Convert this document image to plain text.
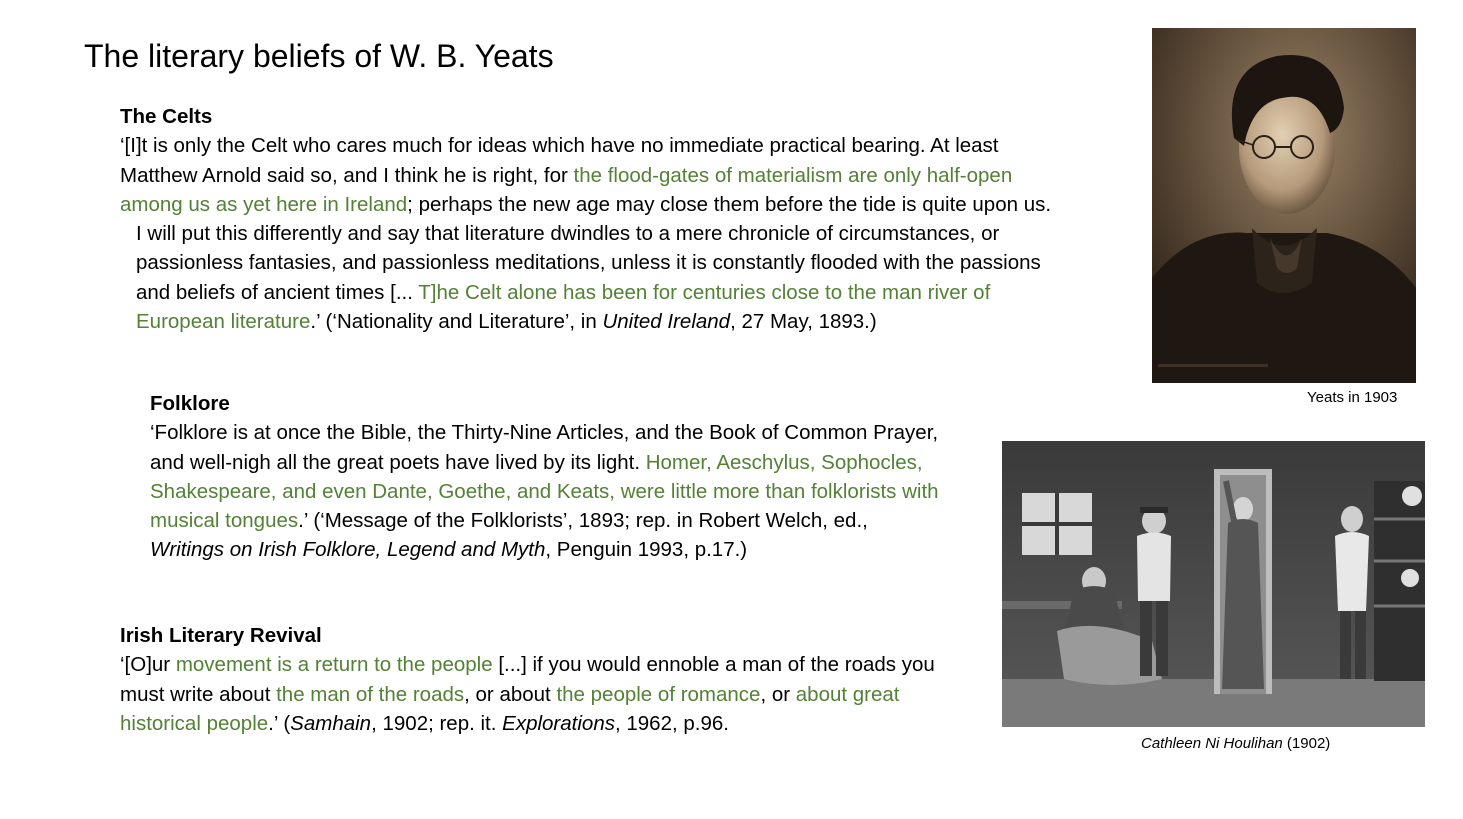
The literary beliefs of W. B. Yeats
The Celts

‘[I]t is only the Celt who cares much for ideas which have no immediate practical bearing. At least Matthew Arnold said so, and I think he is right, for the flood-gates of materialism are only half-open among us as yet here in Ireland; perhaps the new age may close them before the tide is quite upon us.

I will put this differently and say that literature dwindles to a mere chronicle of circumstances, or passionless fantasies, and passionless meditations, unless it is constantly flooded with the passions and beliefs of ancient times [... T]he Celt alone has been for centuries close to the man river of European literature.’ (‘Nationality and Literature’, in United Ireland, 27 May, 1893.)

Folklore

‘Folklore is at once the Bible, the Thirty-Nine Articles, and the Book of Common Prayer, and well-nigh all the great poets have lived by its light. Homer, Aeschylus, Sophocles, Shakespeare, and even Dante, Goethe, and Keats, were little more than folklorists with musical tongues.’ (‘Message of the Folklorists’, 1893; rep. in Robert Welch, ed., Writings on Irish Folklore, Legend and Myth, Penguin 1993, p.17.)

Irish Literary Revival

‘[O]ur movement is a return to the people [...] if you would ennoble a man of the roads you must write about the man of the roads, or about the people of romance, or about great historical people.’ (Samhain, 1902; rep. it. Explorations, 1962, p.96.

Yeats in 1903
Cathleen Ni Houlihan (1902)
